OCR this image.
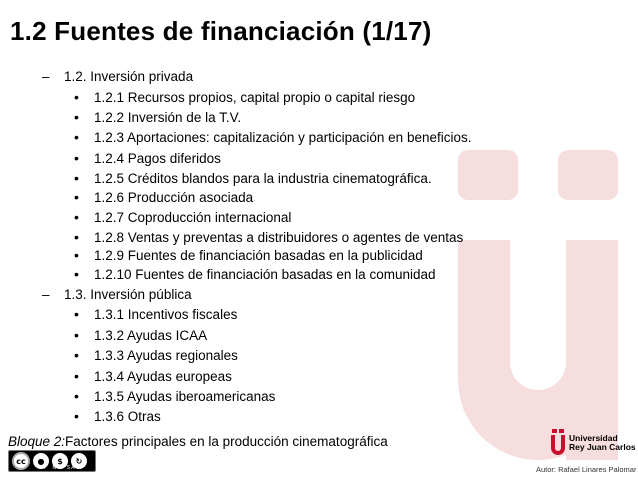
1.2 Fuentes de financiación (1/17)
– 1.2. Inversión privada
• 1.2.1 Recursos propios, capital propio o capital riesgo
• 1.2.2 Inversión de la T.V.
• 1.2.3 Aportaciones: capitalización y participación en beneficios.
• 1.2.4 Pagos diferidos
• 1.2.5 Créditos blandos para la industria cinematográfica.
• 1.2.6 Producción asociada
• 1.2.7 Coproducción internacional
• 1.2.8 Ventas y preventas a distribuidores o agentes de ventas
• 1.2.9 Fuentes de financiación basadas en la publicidad
• 1.2.10 Fuentes de financiación basadas en la comunidad
– 1.3. Inversión pública
• 1.3.1 Incentivos fiscales
• 1.3.2 Ayudas ICAA
• 1.3.3 Ayudas regionales
• 1.3.4 Ayudas europeas
• 1.3.5 Ayudas iberoamericanas
• 1.3.6 Otras
Bloque 2:Factores principales en la producción cinematográfica
cc	●	$	↻
BY NC SA
Universidad
Rey Juan Carlos
Autor: Rafael Linares Palomar
